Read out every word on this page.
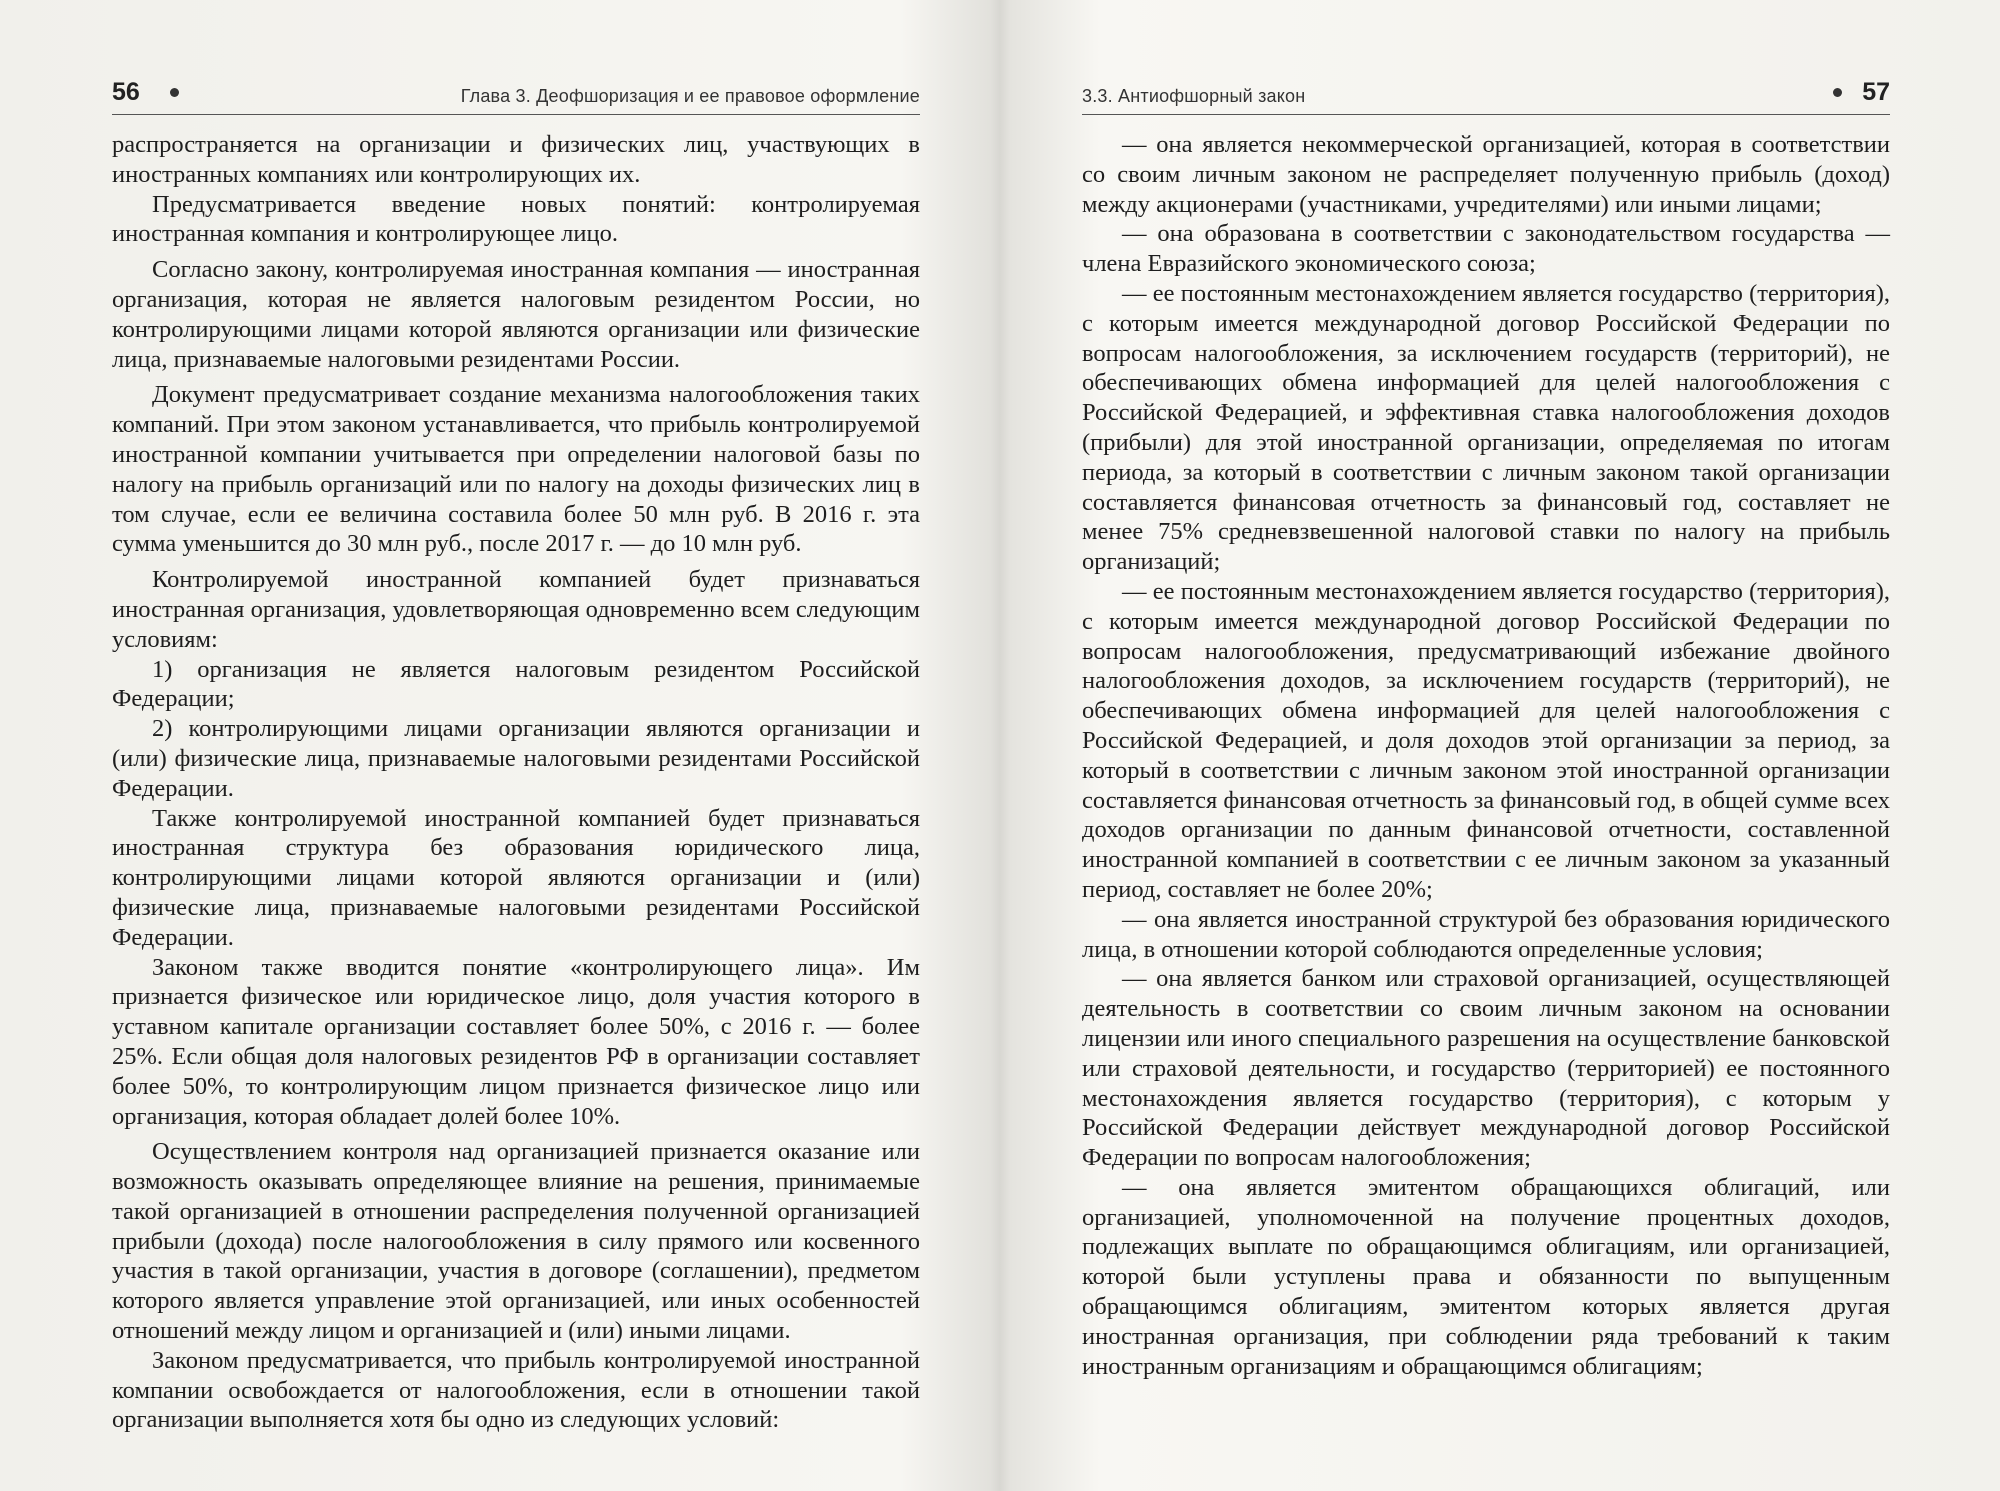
56	Глава 3. Деофшоризация и ее правовое оформление

распространяется на организации и физических лиц, участвующих в иностранных компаниях или контролирующих их.

Предусматривается введение новых понятий: контролируемая иностранная компания и контролирующее лицо.

Согласно закону, контролируемая иностранная компания — иностранная организация, которая не является налоговым резидентом России, но контролирующими лицами которой являются организации или физические лица, признаваемые налоговыми резидентами России.

Документ предусматривает создание механизма налогообложения таких компаний. При этом законом устанавливается, что прибыль контролируемой иностранной компании учитывается при определении налоговой базы по налогу на прибыль организаций или по налогу на доходы физических лиц в том случае, если ее величина составила более 50 млн руб. В 2016 г. эта сумма уменьшится до 30 млн руб., после 2017 г. — до 10 млн руб.

Контролируемой иностранной компанией будет признаваться иностранная организация, удовлетворяющая одновременно всем следующим условиям:

1) организация не является налоговым резидентом Российской Федерации;

2) контролирующими лицами организации являются организации и (или) физические лица, признаваемые налоговыми резидентами Российской Федерации.

Также контролируемой иностранной компанией будет признаваться иностранная структура без образования юридического лица, контролирующими лицами которой являются организации и (или) физические лица, признаваемые налоговыми резидентами Российской Федерации.

Законом также вводится понятие «контролирующего лица». Им признается физическое или юридическое лицо, доля участия которого в уставном капитале организации составляет более 50%, с 2016 г. — более 25%. Если общая доля налоговых резидентов РФ в организации составляет более 50%, то контролирующим лицом признается физическое лицо или организация, которая обладает долей более 10%.

Осуществлением контроля над организацией признается оказание или возможность оказывать определяющее влияние на решения, принимаемые такой организацией в отношении распределения полученной организацией прибыли (дохода) после налогообложения в силу прямого или косвенного участия в такой организации, участия в договоре (соглашении), предметом которого является управление этой организацией, или иных особенностей отношений между лицом и организацией и (или) иными лицами.

Законом предусматривается, что прибыль контролируемой иностранной компании освобождается от налогообложения, если в отношении такой организации выполняется хотя бы одно из следующих условий:

3.3. Антиофшорный закон	57

— она является некоммерческой организацией, которая в соответствии со своим личным законом не распределяет полученную прибыль (доход) между акционерами (участниками, учредителями) или иными лицами;

— она образована в соответствии с законодательством государства — члена Евразийского экономического союза;

— ее постоянным местонахождением является государство (территория), с которым имеется международной договор Российской Федерации по вопросам налогообложения, за исключением государств (территорий), не обеспечивающих обмена информацией для целей налогообложения с Российской Федерацией, и эффективная ставка налогообложения доходов (прибыли) для этой иностранной организации, определяемая по итогам периода, за который в соответствии с личным законом такой организации составляется финансовая отчетность за финансовый год, составляет не менее 75% средневзвешенной налоговой ставки по налогу на прибыль организаций;

— ее постоянным местонахождением является государство (территория), с которым имеется международной договор Российской Федерации по вопросам налогообложения, предусматривающий избежание двойного налогообложения доходов, за исключением государств (территорий), не обеспечивающих обмена информацией для целей налогообложения с Российской Федерацией, и доля доходов этой организации за период, за который в соответствии с личным законом этой иностранной организации составляется финансовая отчетность за финансовый год, в общей сумме всех доходов организации по данным финансовой отчетности, составленной иностранной компанией в соответствии с ее личным законом за указанный период, составляет не более 20%;

— она является иностранной структурой без образования юридического лица, в отношении которой соблюдаются определенные условия;

— она является банком или страховой организацией, осуществляющей деятельность в соответствии со своим личным законом на основании лицензии или иного специального разрешения на осуществление банковской или страховой деятельности, и государство (территорией) ее постоянного местонахождения является государство (территория), с которым у Российской Федерации действует международной договор Российской Федерации по вопросам налогообложения;

— она является эмитентом обращающихся облигаций, или организацией, уполномоченной на получение процентных доходов, подлежащих выплате по обращающимся облигациям, или организацией, которой были уступлены права и обязанности по выпущенным обращающимся облигациям, эмитентом которых является другая иностранная организация, при соблюдении ряда требований к таким иностранным организациям и обращающимся облигациям;
